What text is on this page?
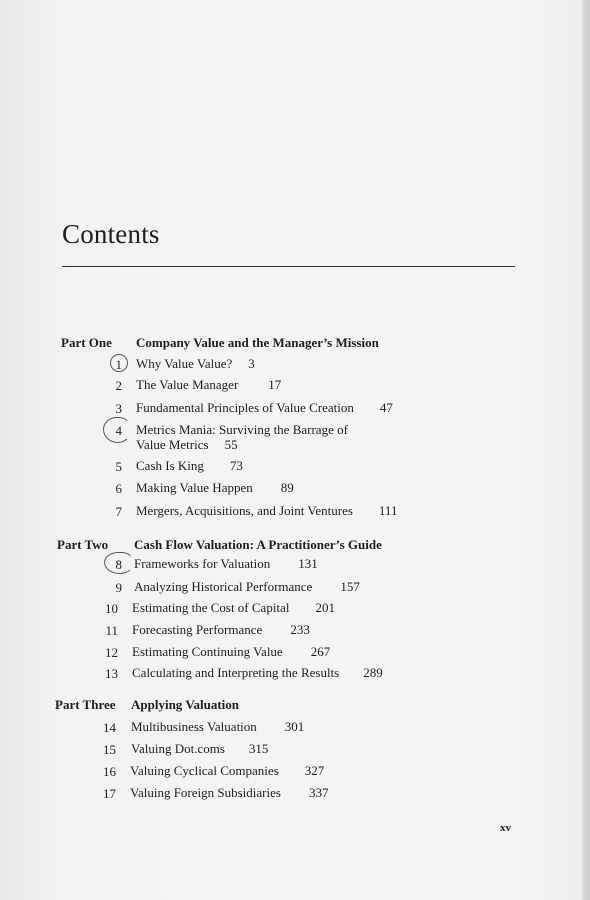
Contents
Part One Company Value and the Manager’s Mission
1 Why Value Value? 3
2 The Value Manager 17
3 Fundamental Principles of Value Creation 47
4 Metrics Mania: Surviving the Barrage of
Value Metrics 55
5 Cash Is King 73
6 Making Value Happen 89
7 Mergers, Acquisitions, and Joint Ventures 111
Part Two Cash Flow Valuation: A Practitioner’s Guide
8 Frameworks for Valuation 131
9 Analyzing Historical Performance 157
10 Estimating the Cost of Capital 201
11 Forecasting Performance 233
12 Estimating Continuing Value 267
13 Calculating and Interpreting the Results 289
Part Three Applying Valuation
14 Multibusiness Valuation 301
15 Valuing Dot.coms 315
16 Valuing Cyclical Companies 327
17 Valuing Foreign Subsidiaries 337
xv
